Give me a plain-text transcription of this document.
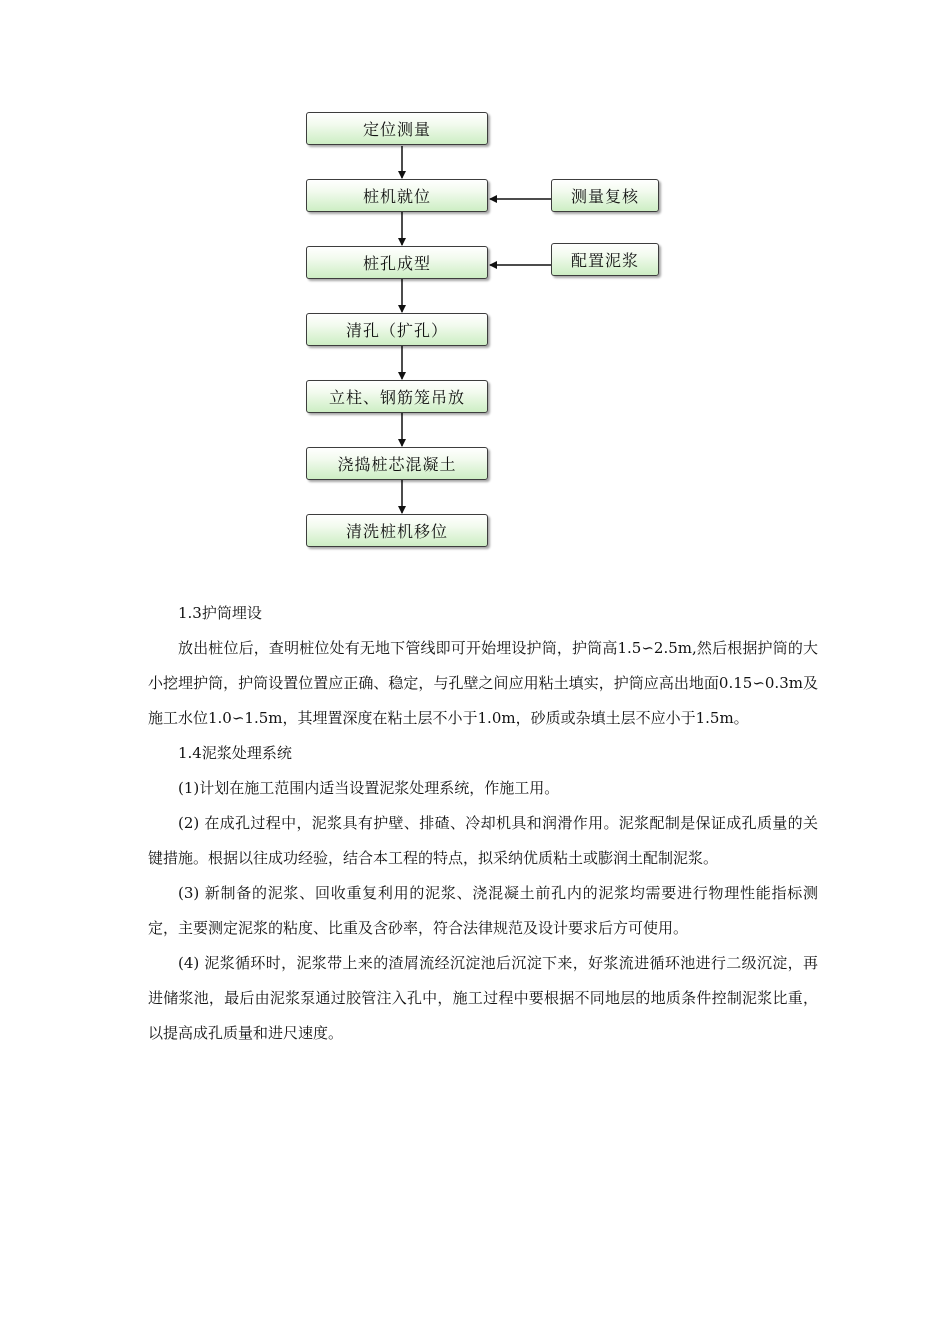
定位测量
桩机就位
桩孔成型
清孔（扩孔）
立柱、钢筋笼吊放
浇捣桩芯混凝土
清洗桩机移位
测量复核
配置泥浆

1.3护筒埋设

放出桩位后，查明桩位处有无地下管线即可开始埋设护筒，护筒高1.5∽2.5m,然后根据护筒的大小挖埋护筒，护筒设置位置应正确、稳定，与孔壁之间应用粘土填实，护筒应高出地面0.15∽0.3m及施工水位1.0∽1.5m，其埋置深度在粘土层不小于1.0m，砂质或杂填土层不应小于1.5m。

1.4泥浆处理系统

(1)计划在施工范围内适当设置泥浆处理系统，作施工用。

(2) 在成孔过程中，泥浆具有护壁、排碴、冷却机具和润滑作用。泥浆配制是保证成孔质量的关键措施。根据以往成功经验，结合本工程的特点，拟采纳优质粘土或膨润土配制泥浆。

(3) 新制备的泥浆、回收重复利用的泥浆、浇混凝土前孔内的泥浆均需要进行物理性能指标测定，主要测定泥浆的粘度、比重及含砂率，符合法律规范及设计要求后方可使用。

(4) 泥浆循环时，泥浆带上来的渣屑流经沉淀池后沉淀下来，好浆流进循环池进行二级沉淀，再进储浆池，最后由泥浆泵通过胶管注入孔中，施工过程中要根据不同地层的地质条件控制泥浆比重，以提高成孔质量和进尺速度。
